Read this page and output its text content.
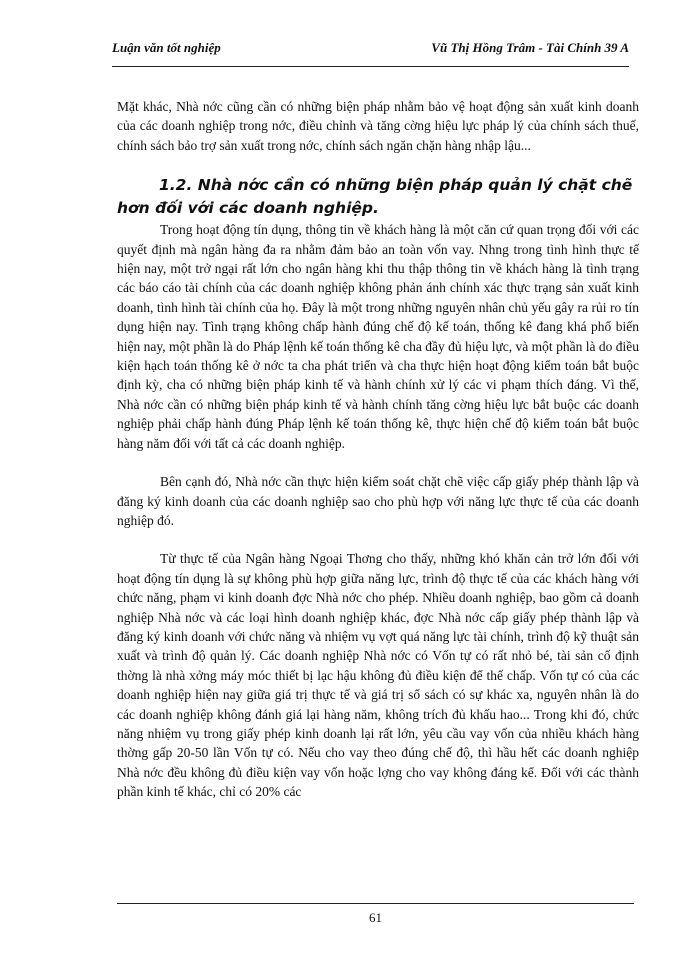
Luận văn tốt nghiệp	Vũ Thị Hồng Trâm - Tài Chính 39 A

Mặt khác, Nhà nớc cũng cần có những biện pháp nhằm bảo vệ hoạt động sản xuất kinh doanh của các doanh nghiệp trong nớc, điều chỉnh và tăng cờng hiệu lực pháp lý của chính sách thuế, chính sách bảo trợ sản xuất trong nớc, chính sách ngăn chặn hàng nhập lậu...

1.2. Nhà nớc cần có những biện pháp quản lý chặt chẽ hơn đối với các doanh nghiệp.

Trong hoạt động tín dụng, thông tin về khách hàng là một căn cứ quan trọng đối với các quyết định mà ngân hàng đa ra nhằm đảm bảo an toàn vốn vay. Nhng trong tình hình thực tế hiện nay, một trở ngại rất lớn cho ngân hàng khi thu thập thông tin về khách hàng là tình trạng các báo cáo tài chính của các doanh nghiệp không phản ánh chính xác thực trạng sản xuất kinh doanh, tình hình tài chính của họ. Đây là một trong những nguyên nhân chủ yếu gây ra rủi ro tín dụng hiện nay. Tình trạng không chấp hành đúng chế độ kế toán, thống kê đang khá phổ biến hiện nay, một phần là do Pháp lệnh kế toán thống kê cha đầy đủ hiệu lực, và một phần là do điều kiện hạch toán thống kê ở nớc ta cha phát triển và cha thực hiện hoạt động kiểm toán bắt buộc định kỳ, cha có những biện pháp kinh tế và hành chính xử lý các vi phạm thích đáng. Vì thế, Nhà nớc cần có những biện pháp kinh tế và hành chính tăng cờng hiệu lực bắt buộc các doanh nghiệp phải chấp hành đúng Pháp lệnh kế toán thống kê, thực hiện chế độ kiểm toán bắt buộc hàng năm đối với tất cả các doanh nghiệp.

Bên cạnh đó, Nhà nớc cần thực hiện kiểm soát chặt chẽ việc cấp giấy phép thành lập và đăng ký kinh doanh của các doanh nghiệp sao cho phù hợp với năng lực thực tế của các doanh nghiệp đó.

Từ thực tế của Ngân hàng Ngoại Thơng cho thấy, những khó khăn cản trở lớn đối với hoạt động tín dụng là sự không phù hợp giữa năng lực, trình độ thực tế của các khách hàng với chức năng, phạm vi kinh doanh đợc Nhà nớc cho phép. Nhiều doanh nghiệp, bao gồm cả doanh nghiệp Nhà nớc và các loại hình doanh nghiệp khác, đợc Nhà nớc cấp giấy phép thành lập và đăng ký kinh doanh với chức năng và nhiệm vụ vợt quá năng lực tài chính, trình độ kỹ thuật sản xuất và trình độ quản lý. Các doanh nghiệp Nhà nớc có Vốn tự có rất nhỏ bé, tài sản cố định thờng là nhà xởng máy móc thiết bị lạc hậu không đủ điều kiện để thế chấp. Vốn tự có của các doanh nghiệp hiện nay giữa giá trị thực tế và giá trị sổ sách có sự khác xa, nguyên nhân là do các doanh nghiệp không đánh giá lại hàng năm, không trích đủ khấu hao... Trong khi đó, chức năng nhiệm vụ trong giấy phép kinh doanh lại rất lớn, yêu cầu vay vốn của nhiều khách hàng thờng gấp 20-50 lần Vốn tự có. Nếu cho vay theo đúng chế độ, thì hầu hết các doanh nghiệp Nhà nớc đều không đủ điều kiện vay vốn hoặc lợng cho vay không đáng kể. Đối với các thành phần kinh tế khác, chỉ có 20% các

61
